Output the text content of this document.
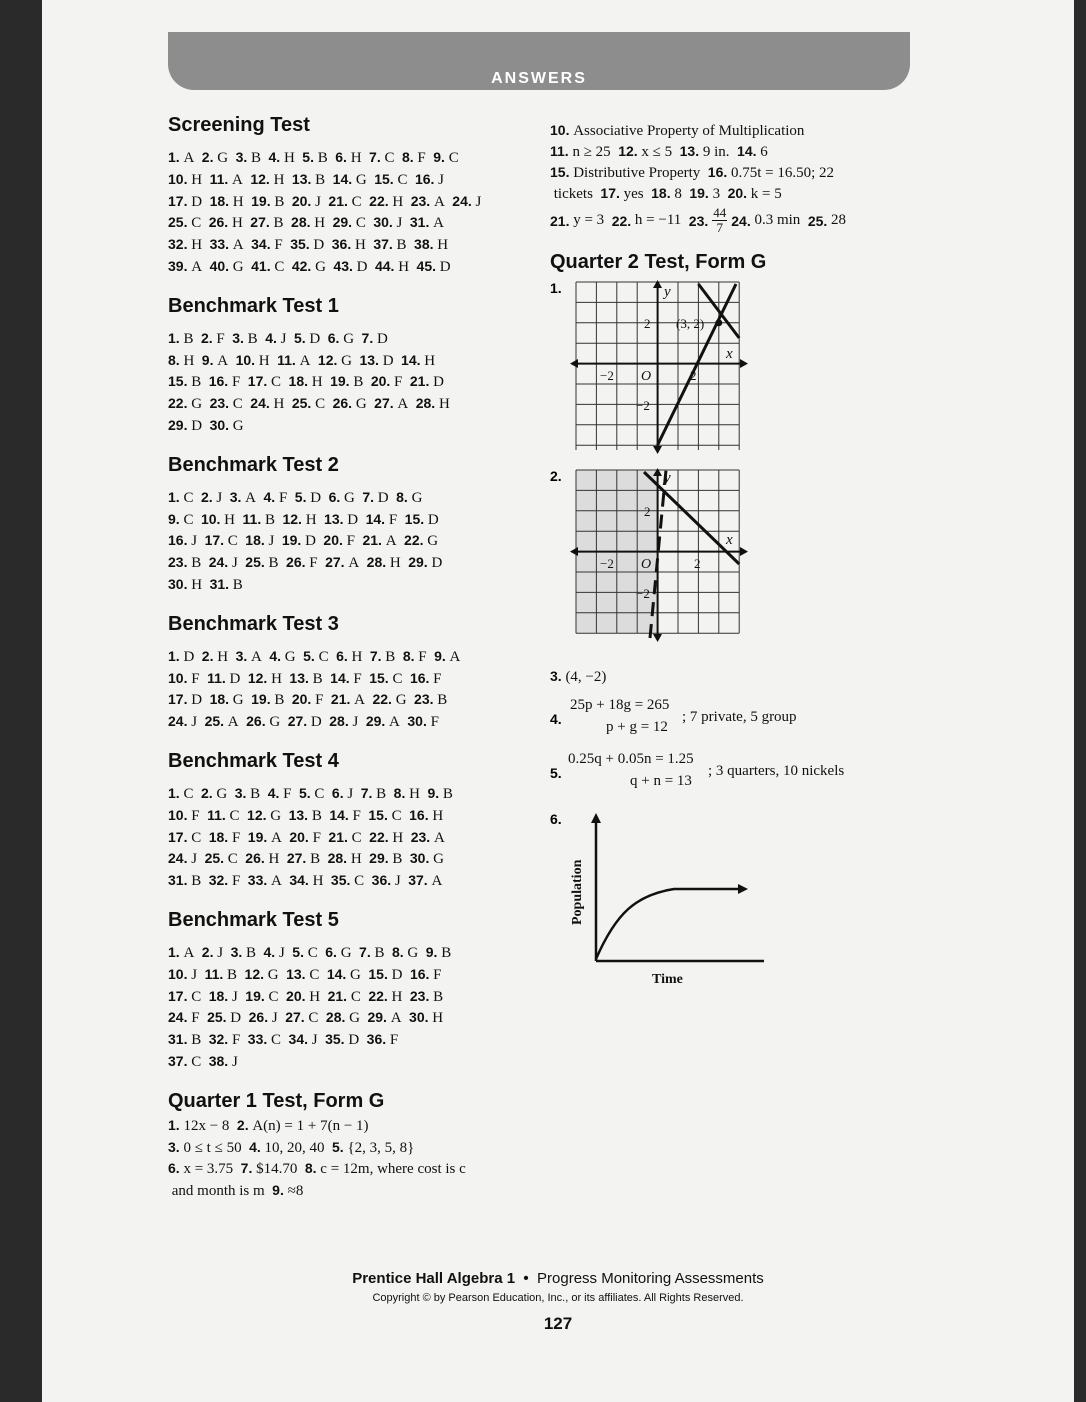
ANSWERS
Screening Test
1. A  2. G  3. B  4. H  5. B  6. H  7. C  8. F  9. C
10. H  11. A  12. H  13. B  14. G  15. C  16. J
17. D  18. H  19. B  20. J  21. C  22. H  23. A  24. J
25. C  26. H  27. B  28. H  29. C  30. J  31. A
32. H  33. A  34. F  35. D  36. H  37. B  38. H
39. A  40. G  41. C  42. G  43. D  44. H  45. D
Benchmark Test 1
1. B  2. F  3. B  4. J  5. D  6. G  7. D
8. H  9. A  10. H  11. A  12. G  13. D  14. H
15. B  16. F  17. C  18. H  19. B  20. F  21. D
22. G  23. C  24. H  25. C  26. G  27. A  28. H
29. D  30. G
Benchmark Test 2
1. C  2. J  3. A  4. F  5. D  6. G  7. D  8. G
9. C  10. H  11. B  12. H  13. D  14. F  15. D
16. J  17. C  18. J  19. D  20. F  21. A  22. G
23. B  24. J  25. B  26. F  27. A  28. H  29. D
30. H  31. B
Benchmark Test 3
1. D  2. H  3. A  4. G  5. C  6. H  7. B  8. F  9. A
10. F  11. D  12. H  13. B  14. F  15. C  16. F
17. D  18. G  19. B  20. F  21. A  22. G  23. B
24. J  25. A  26. G  27. D  28. J  29. A  30. F
Benchmark Test 4
1. C  2. G  3. B  4. F  5. C  6. J  7. B  8. H  9. B
10. F  11. C  12. G  13. B  14. F  15. C  16. H
17. C  18. F  19. A  20. F  21. C  22. H  23. A
24. J  25. C  26. H  27. B  28. H  29. B  30. G
31. B  32. F  33. A  34. H  35. C  36. J  37. A
Benchmark Test 5
1. A  2. J  3. B  4. J  5. C  6. G  7. B  8. G  9. B
10. J  11. B  12. G  13. C  14. G  15. D  16. F
17. C  18. J  19. C  20. H  21. C  22. H  23. B
24. F  25. D  26. J  27. C  28. G  29. A  30. H
31. B  32. F  33. C  34. J  35. D  36. F
37. C  38. J
Quarter 1 Test, Form G
1. 12x − 8  2. A(n) = 1 + 7(n − 1)
3. 0 ≤ t ≤ 50  4. 10, 20, 40  5. {2, 3, 5, 8}
6. x = 3.75  7. $14.70  8. c = 12m, where cost is c
and month is m  9. ≈8
10. Associative Property of Multiplication
11. n ≥ 25  12. x ≤ 5  13. 9 in.  14. 6
15. Distributive Property  16. 0.75t = 16.50; 22
tickets  17. yes  18. 8  19. 3  20. k = 5
21.
y = 3
22.
h = −11
23. $\frac{44}{7} 24$.
0.3 min
25.
28
Quarter 2 Test, Form G
1.	y
x
2
−2 O	2
−2
(3, 2)
2.	y
x
2
−2 O	2
−2
3. (4, −2)
4.
25p + 18g = 265
p + g = 12
; 7 private, 5 group
5.
0.25q + 0.05n = 1.25
q + n = 13
; 3 quarters, 10 nickels
6.
Population
Time
Prentice Hall Algebra 1 • Progress Monitoring Assessments
Copyright © by Pearson Education, Inc., or its affiliates. All Rights Reserved.
127
